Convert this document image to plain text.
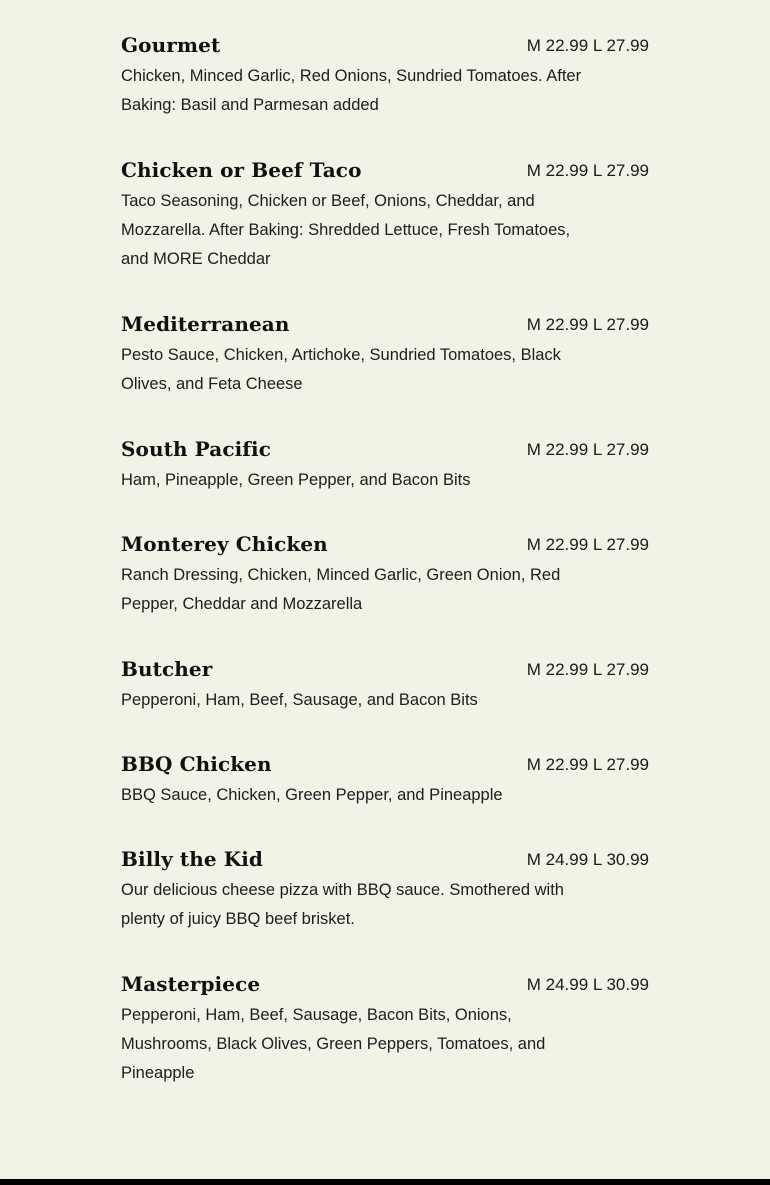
Gourmet	M 22.99 L 27.99
Chicken, Minced Garlic, Red Onions, Sundried Tomatoes. After Baking: Basil and Parmesan added
Chicken or Beef Taco	M 22.99 L 27.99
Taco Seasoning, Chicken or Beef, Onions, Cheddar, and Mozzarella. After Baking: Shredded Lettuce, Fresh Tomatoes, and MORE Cheddar
Mediterranean	M 22.99 L 27.99
Pesto Sauce, Chicken, Artichoke, Sundried Tomatoes, Black Olives, and Feta Cheese
South Pacific	M 22.99 L 27.99
Ham, Pineapple, Green Pepper, and Bacon Bits
Monterey Chicken	M 22.99 L 27.99
Ranch Dressing, Chicken, Minced Garlic, Green Onion, Red Pepper, Cheddar and Mozzarella
Butcher	M 22.99 L 27.99
Pepperoni, Ham, Beef, Sausage, and Bacon Bits
BBQ Chicken	M 22.99 L 27.99
BBQ Sauce, Chicken, Green Pepper, and Pineapple
Billy the Kid	M 24.99 L 30.99
Our delicious cheese pizza with BBQ sauce. Smothered with plenty of juicy BBQ beef brisket.
Masterpiece	M 24.99 L 30.99
Pepperoni, Ham, Beef, Sausage, Bacon Bits, Onions, Mushrooms, Black Olives, Green Peppers, Tomatoes, and Pineapple
